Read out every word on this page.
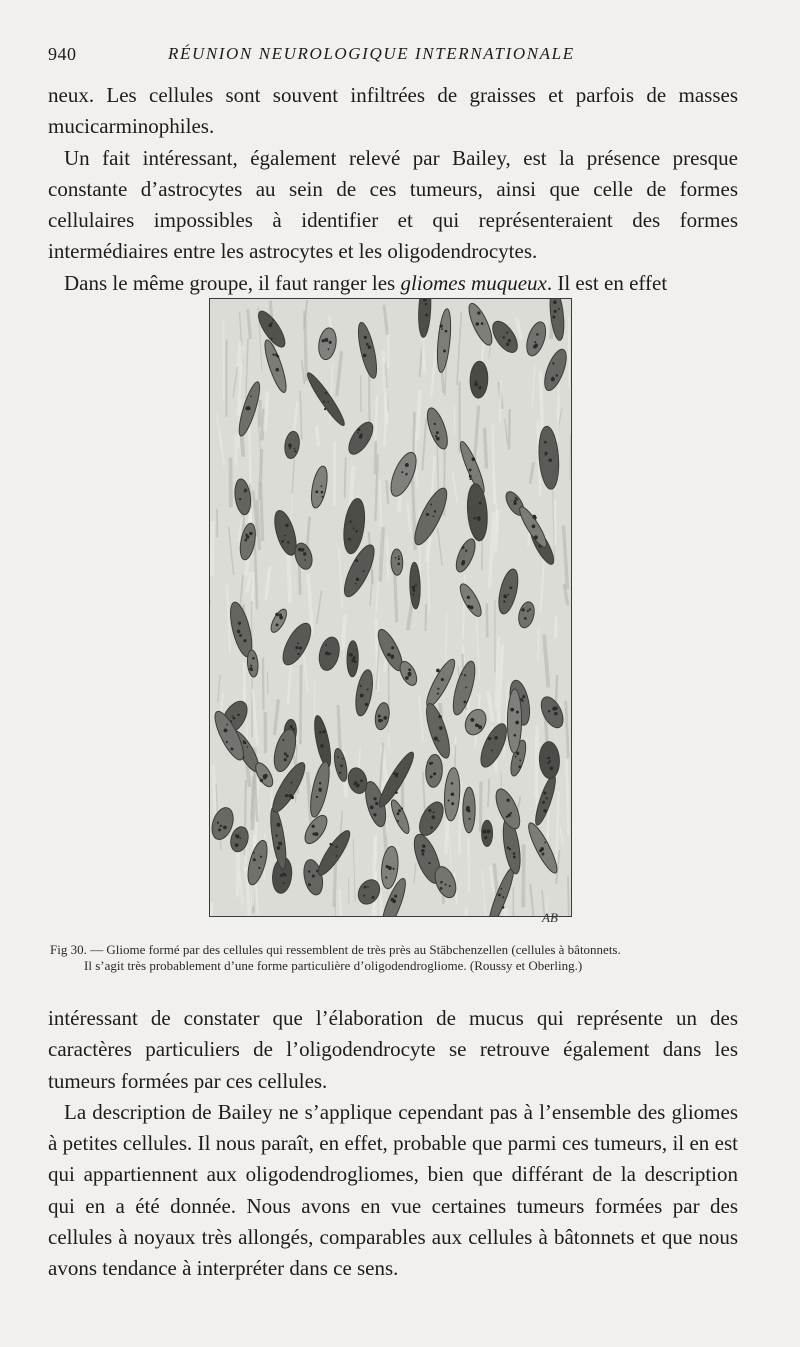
940	RÉUNION NEUROLOGIQUE INTERNATIONALE

neux. Les cellules sont souvent infiltrées de graisses et parfois de masses mucicarminophiles.

Un fait intéressant, également relevé par Bailey, est la présence presque constante d’astrocytes au sein de ces tumeurs, ainsi que celle de formes cellulaires impossibles à identifier et qui représenteraient des formes intermédiaires entre les astrocytes et les oligodendrocytes.

Dans le même groupe, il faut ranger les gliomes muqueux. Il est en effet

AB

Fig 30. — Gliome formé par des cellules qui ressemblent de très près au Stäbchenzellen (cellules à bâtonnets.

Il s’agit très probablement d’une forme particulière d’oligodendrogliome. (Roussy et Oberling.)

intéressant de constater que l’élaboration de mucus qui représente un des caractères particuliers de l’oligodendrocyte se retrouve également dans les tumeurs formées par ces cellules.

La description de Bailey ne s’applique cependant pas à l’ensemble des gliomes à petites cellules. Il nous paraît, en effet, probable que parmi ces tumeurs, il en est qui appartiennent aux oligodendrogliomes, bien que différant de la description qui en a été donnée. Nous avons en vue certaines tumeurs formées par des cellules à noyaux très allongés, comparables aux cellules à bâtonnets et que nous avons tendance à interpréter dans ce sens.
